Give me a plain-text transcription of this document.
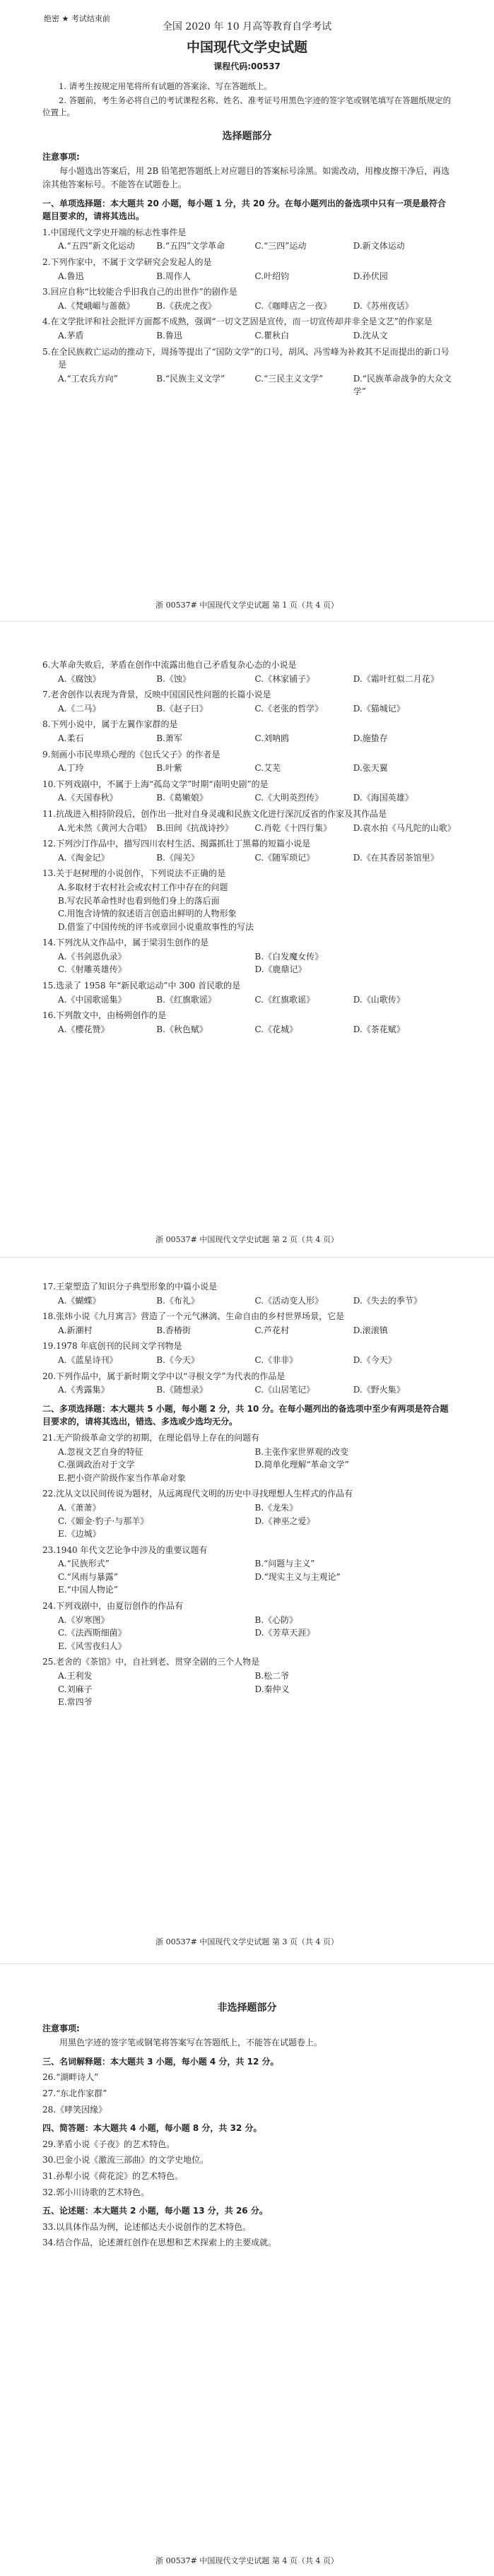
绝密 ★ 考试结束前
全国 2020 年 10 月高等教育自学考试
中国现代文学史试题
课程代码:00537

1. 请考生按规定用笔将所有试题的答案涂、写在答题纸上。

2. 答题前，考生务必将自己的考试课程名称、姓名、准考证号用黑色字迹的签字笔或钢笔填写在答题纸规定的位置上。

选择题部分
注意事项:
每小题选出答案后，用 2B 铅笔把答题纸上对应题目的答案标号涂黑。如需改动，用橡皮擦干净后，再选涂其他答案标号。不能答在试题卷上。
一、单项选择题：本大题共 20 小题，每小题 1 分，共 20 分。在每小题列出的备选项中只有一项是最符合题目要求的，请将其选出。
1.中国现代文学史开端的标志性事件是
A.“五四”新文化运动	B.“五四”文学革命	C.“三四”运动	D.新文体运动
2.下列作家中，不属于文学研究会发起人的是
A.鲁迅	B.周作人	C.叶绍钧	D.孙伏园
3.回应自称“比较能合乎旧我自己的出世作”的剧作是
A.《梵峨嵋与蔷薇》	B.《获虎之夜》	C.《咖啡店之一夜》	D.《苏州夜话》
4.在文学批评和社会批评方面都不成熟，强调“一切文艺固是宣传，而一切宣传却并非全是文艺”的作家是
A.茅盾	B.鲁迅	C.瞿秋白	D.沈从文
5.在全民族救亡运动的推动下，周扬等提出了“国防文学”的口号，胡风、冯雪峰为补救其不足而提出的新口号是
A.“工农兵方向”	B.“民族主义文学”	C.“三民主义文学”	D.“民族革命战争的大众文学”
浙 00537# 中国现代文学史试题 第 1 页（共 4 页）
6.大革命失败后，茅盾在创作中流露出他自己矛盾复杂心态的小说是
A.《腐蚀》	B.《蚀》	C.《林家铺子》	D.《霜叶红似二月花》
7.老舍创作以表现为背景，反映中国国民性问题的长篇小说是
A.《二马》	B.《赵子曰》	C.《老张的哲学》	D.《猫城记》
8.下列小说中，属于左翼作家群的是
A.柔石	B.萧军	C.刘呐鸥	D.施蛰存
9.刻画小市民卑琐心理的《包氏父子》的作者是
A.丁玲	B.叶紫	C.艾芜	D.张天翼
10.下列戏剧中，不属于上海“孤岛文学”时期“南明史剧”的是
A.《天国春秋》	B.《葛嫩娘》	C.《大明英烈传》	D.《海国英雄》
11.抗战进入相持阶段后，创作出一批对自身灵魂和民族文化进行深沉反省的作家及其作品是
A.光未然《黄河大合唱》 B.田间《抗战诗抄》	C.肖乾《十四行集》	D.袁水拍《马凡陀的山歌》
12.下列沙汀作品中，描写四川农村生活、揭露抓壮丁黑幕的短篇小说是
A.《淘金记》	B.《闯关》	C.《随军琐记》	D.《在其香居茶馆里》
13.关于赵树理的小说创作，下列说法不正确的是
A.多取材于农村社会或农村工作中存在的问题
B.写农民革命性时也看到他们身上的落后面
C.用饱含诗情的叙述语言创造出鲜明的人物形象
D.借鉴了中国传统的评书或章回小说重故事性的写法
14.下列沈从文作品中，属于梁羽生创作的是
A.《书剑恩仇录》	B.《白发魔女传》
C.《射雕英雄传》	D.《鹿鼎记》
15.选录了 1958 年“新民歌运动”中 300 首民歌的是
A.《中国歌谣集》	B.《红旗歌谣》	C.《红旗歌谣》	D.《山歌传》
16.下列散文中，由杨朔创作的是
A.《樱花赞》	B.《秋色赋》	C.《花城》	D.《茶花赋》
浙 00537# 中国现代文学史试题 第 2 页（共 4 页）
17.王蒙塑造了知识分子典型形象的中篇小说是
A.《蝴蝶》	B.《布礼》	C.《活动变人形》	D.《失去的季节》
18.张炜小说《九月寓言》营造了一个元气淋漓、生命自由的乡村世界场景，它是
A.新潮村	B.香椿街	C.芦花村	D.滚滚镇
19.1978 年底创刊的民间文学刊物是
A.《蓝星诗刊》	B.《今天》	C.《非非》	D.《今天》
20.下列作品中，属于新时期文学中以“寻根文学”为代表的作品是
A.《秀露集》	B.《随想录》	C.《山居笔记》	D.《野火集》
二、多项选择题：本大题共 5 小题，每小题 2 分，共 10 分。在每小题列出的备选项中至少有两项是符合题目要求的，请将其选出，错选、多选或少选均无分。
21.无产阶级革命文学的初期，在理论倡导上存在的问题有
A.忽视文艺自身的特征	B.主张作家世界观的改变
C.强调政治对于文学	D.简单化理解“革命文学”
E.把小资产阶级作家当作革命对象
22.沈从文以民间传说为题材，从远离现代文明的历史中寻找理想人生样式的作品有
A.《萧萧》	B.《龙朱》
C.《媚金·豹子·与那羊》	D.《神巫之爱》
E.《边城》
23.1940 年代文艺论争中涉及的重要议题有
A.“民族形式”	B.“问题与主义”
C.“风雨与暴露”	D.“现实主义与主观论”
E.“中国人物论”
24.下列戏剧中，由夏衍创作的作品有
A.《岁寒图》	B.《心防》
C.《法西斯细菌》	D.《芳草天涯》
E.《风雪夜归人》
25.老舍的《茶馆》中，自社到老、贯穿全剧的三个人物是
A.王利发	B.松二爷
C.刘麻子	D.秦仲义
E.常四爷
浙 00537# 中国现代文学史试题 第 3 页（共 4 页）
非选择题部分
注意事项:
用黑色字迹的签字笔或钢笔将答案写在答题纸上，不能答在试题卷上。
三、名词解释题：本大题共 3 小题，每小题 4 分，共 12 分。
26.“湖畔诗人”
27.“东北作家群”
28.《哮笑因缘》
四、简答题：本大题共 4 小题，每小题 8 分，共 32 分。
29.茅盾小说《子夜》的艺术特色。
30.巴金小说《激流三部曲》的文学史地位。
31.孙犁小说《荷花淀》的艺术特色。
32.郭小川诗歌的艺术特色。
五、论述题：本大题共 2 小题，每小题 13 分，共 26 分。
33.以具体作品为例，论述郁达夫小说创作的艺术特色。
34.结合作品，论述萧红创作在思想和艺术探索上的主要成就。
浙 00537# 中国现代文学史试题 第 4 页（共 4 页）
